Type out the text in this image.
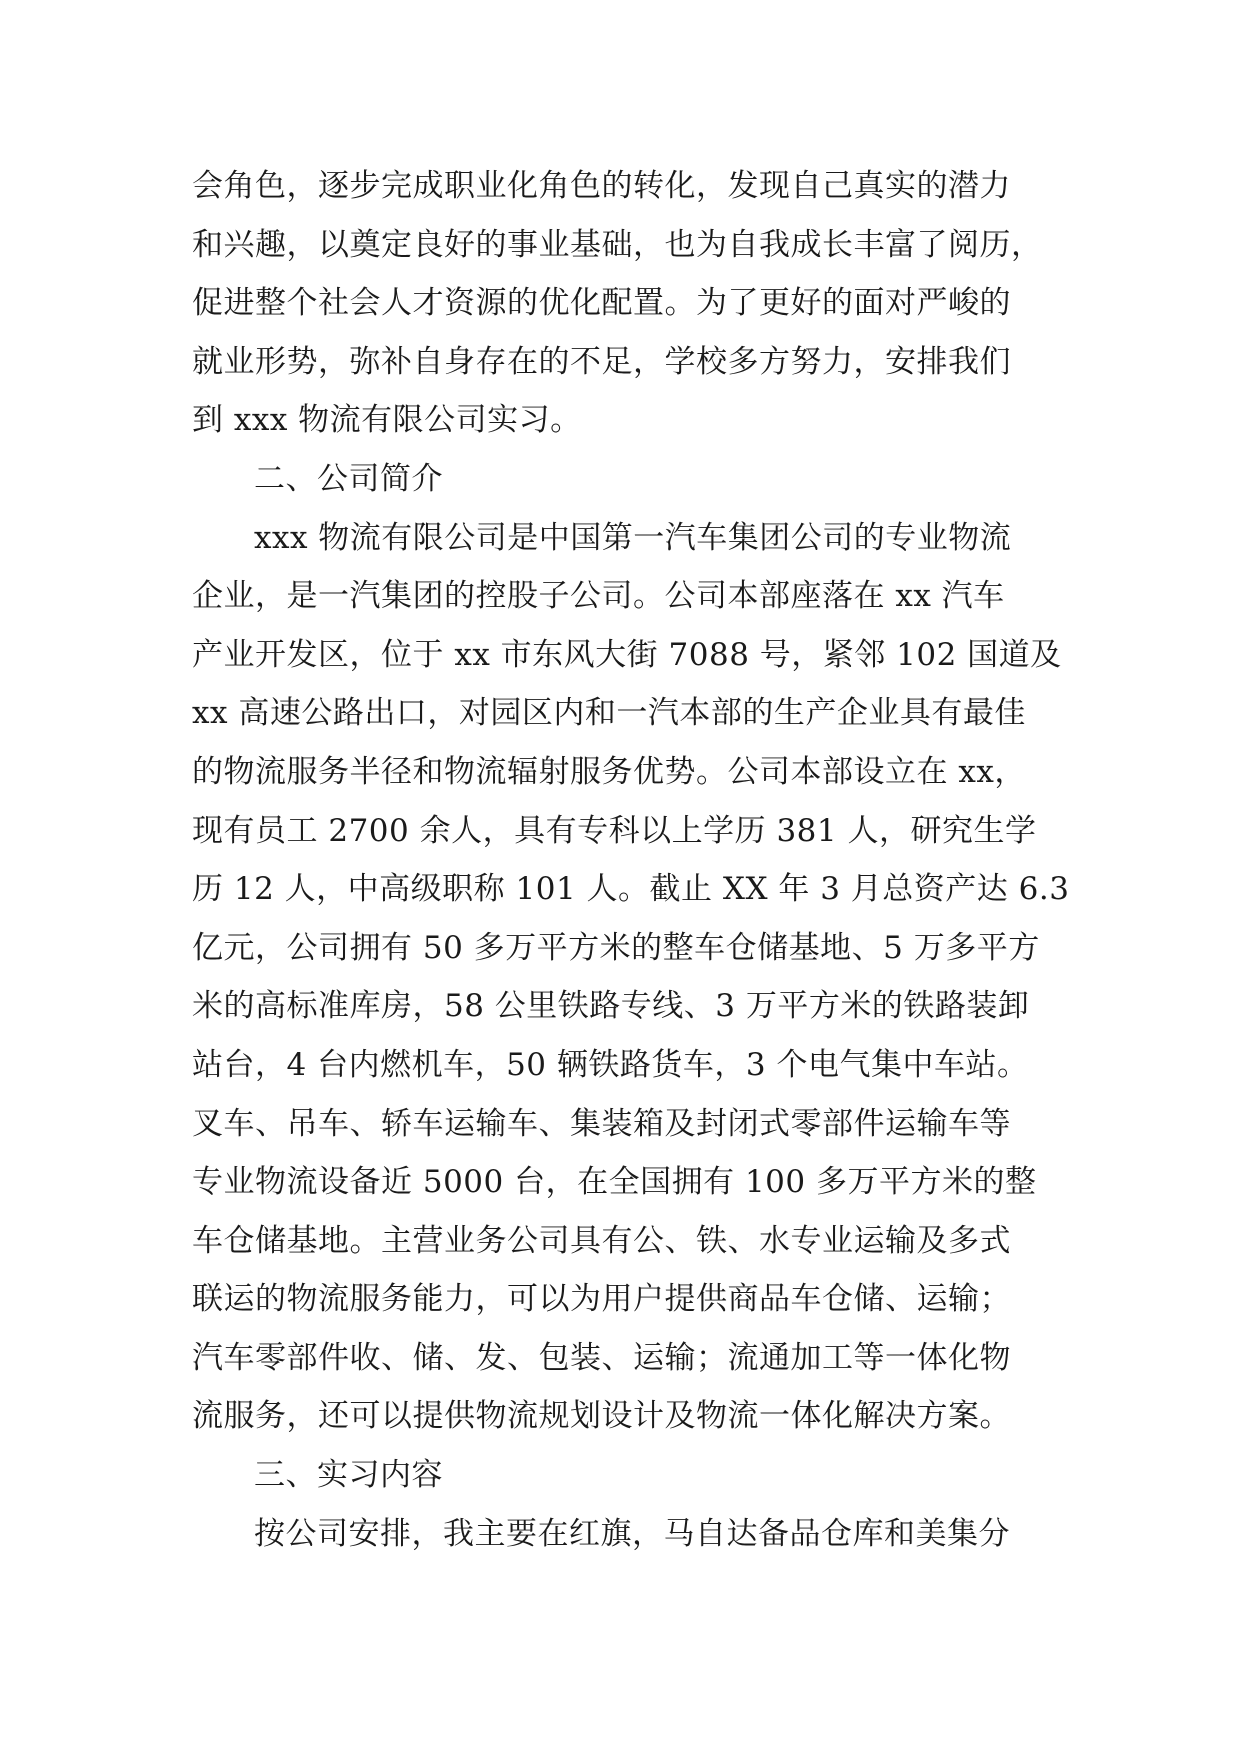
会角色，逐步完成职业化角色的转化，发现自己真实的潜力
和兴趣，以奠定良好的事业基础，也为自我成长丰富了阅历，
促进整个社会人才资源的优化配置。为了更好的面对严峻的
就业形势，弥补自身存在的不足，学校多方努力，安排我们
到 xxx 物流有限公司实习。
二、公司简介
xxx 物流有限公司是中国第一汽车集团公司的专业物流
企业，是一汽集团的控股子公司。公司本部座落在 xx 汽车
产业开发区，位于 xx 市东风大街 7088 号，紧邻 102 国道及
xx 高速公路出口，对园区内和一汽本部的生产企业具有最佳
的物流服务半径和物流辐射服务优势。公司本部设立在 xx，
现有员工 2700 余人，具有专科以上学历 381 人，研究生学
历 12 人，中高级职称 101 人。截止 XX 年 3 月总资产达 6.3
亿元，公司拥有 50 多万平方米的整车仓储基地、5 万多平方
米的高标准库房，58 公里铁路专线、3 万平方米的铁路装卸
站台，4 台内燃机车，50 辆铁路货车，3 个电气集中车站。
叉车、吊车、轿车运输车、集装箱及封闭式零部件运输车等
专业物流设备近 5000 台，在全国拥有 100 多万平方米的整
车仓储基地。主营业务公司具有公、铁、水专业运输及多式
联运的物流服务能力，可以为用户提供商品车仓储、运输；
汽车零部件收、储、发、包装、运输；流通加工等一体化物
流服务，还可以提供物流规划设计及物流一体化解决方案。
三、实习内容
按公司安排，我主要在红旗，马自达备品仓库和美集分
